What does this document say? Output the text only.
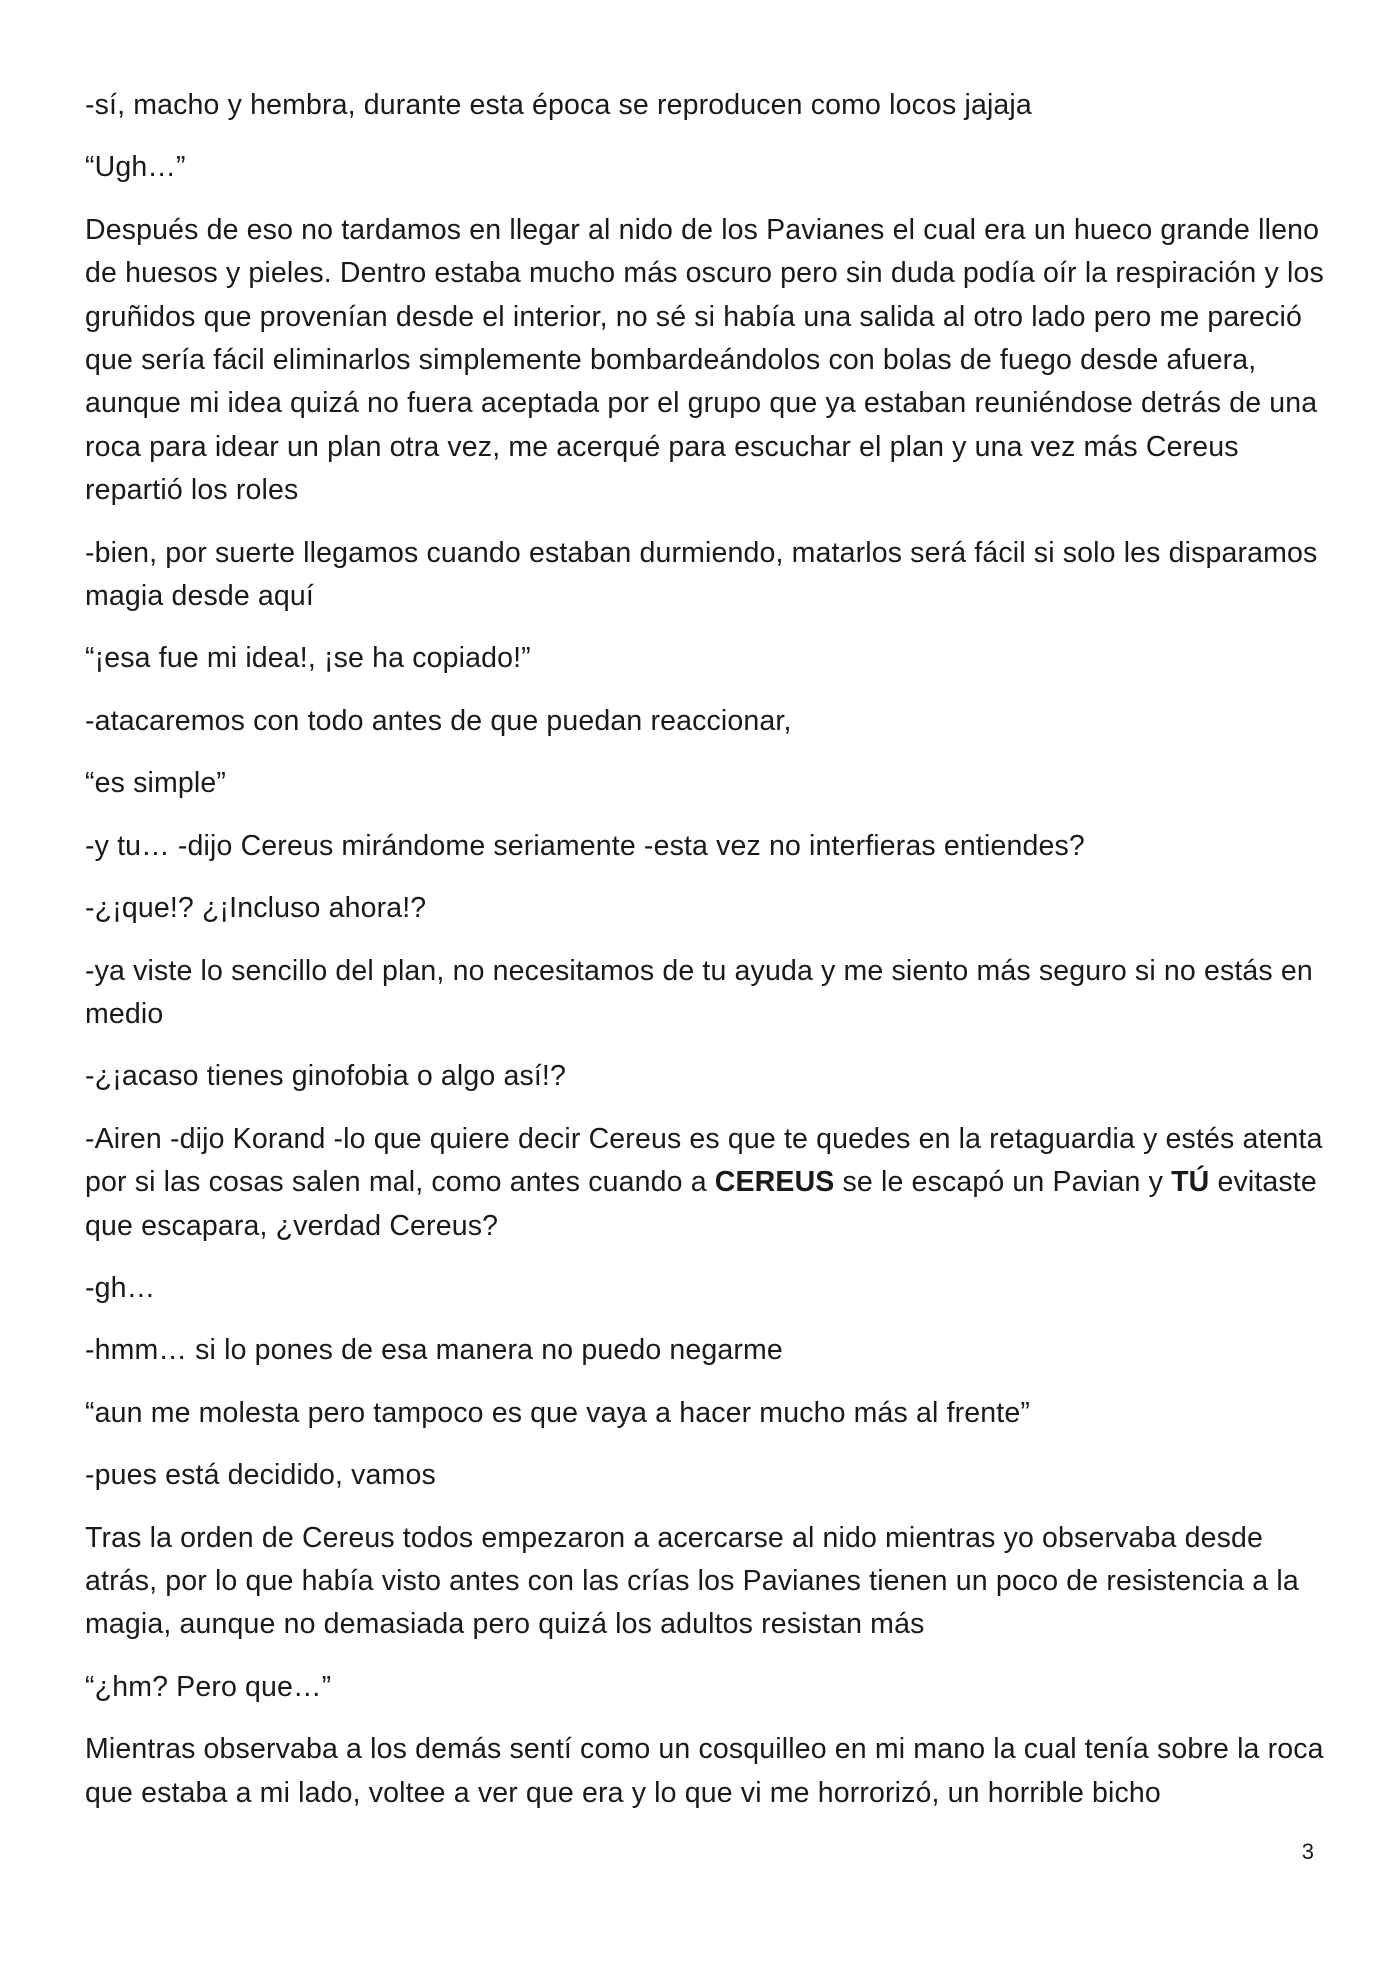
-sí, macho y hembra, durante esta época se reproducen como locos jajaja

“Ugh…”

Después de eso no tardamos en llegar al nido de los Pavianes el cual era un hueco grande lleno de huesos y pieles. Dentro estaba mucho más oscuro pero sin duda podía oír la respiración y los gruñidos que provenían desde el interior, no sé si había una salida al otro lado pero me pareció que sería fácil eliminarlos simplemente bombardeándolos con bolas de fuego desde afuera, aunque mi idea quizá no fuera aceptada por el grupo que ya estaban reuniéndose detrás de una roca para idear un plan otra vez, me acerqué para escuchar el plan y una vez más Cereus repartió los roles

-bien, por suerte llegamos cuando estaban durmiendo, matarlos será fácil si solo les disparamos magia desde aquí

“¡esa fue mi idea!, ¡se ha copiado!”

-atacaremos con todo antes de que puedan reaccionar,

“es simple”

-y tu… -dijo Cereus mirándome seriamente -esta vez no interfieras entiendes?

-¿¡que!? ¿¡Incluso ahora!?

-ya viste lo sencillo del plan, no necesitamos de tu ayuda y me siento más seguro si no estás en medio

-¿¡acaso tienes ginofobia o algo así!?

-Airen -dijo Korand -lo que quiere decir Cereus es que te quedes en la retaguardia y estés atenta por si las cosas salen mal, como antes cuando a CEREUS se le escapó un Pavian y TÚ evitaste que escapara, ¿verdad Cereus?

-gh…

-hmm… si lo pones de esa manera no puedo negarme

“aun me molesta pero tampoco es que vaya a hacer mucho más al frente”

-pues está decidido, vamos

Tras la orden de Cereus todos empezaron a acercarse al nido mientras yo observaba desde atrás, por lo que había visto antes con las crías los Pavianes tienen un poco de resistencia a la magia, aunque no demasiada pero quizá los adultos resistan más

“¿hm? Pero que…”

Mientras observaba a los demás sentí como un cosquilleo en mi mano la cual tenía sobre la roca que estaba a mi lado, voltee a ver que era y lo que vi me horrorizó, un horrible bicho

3
